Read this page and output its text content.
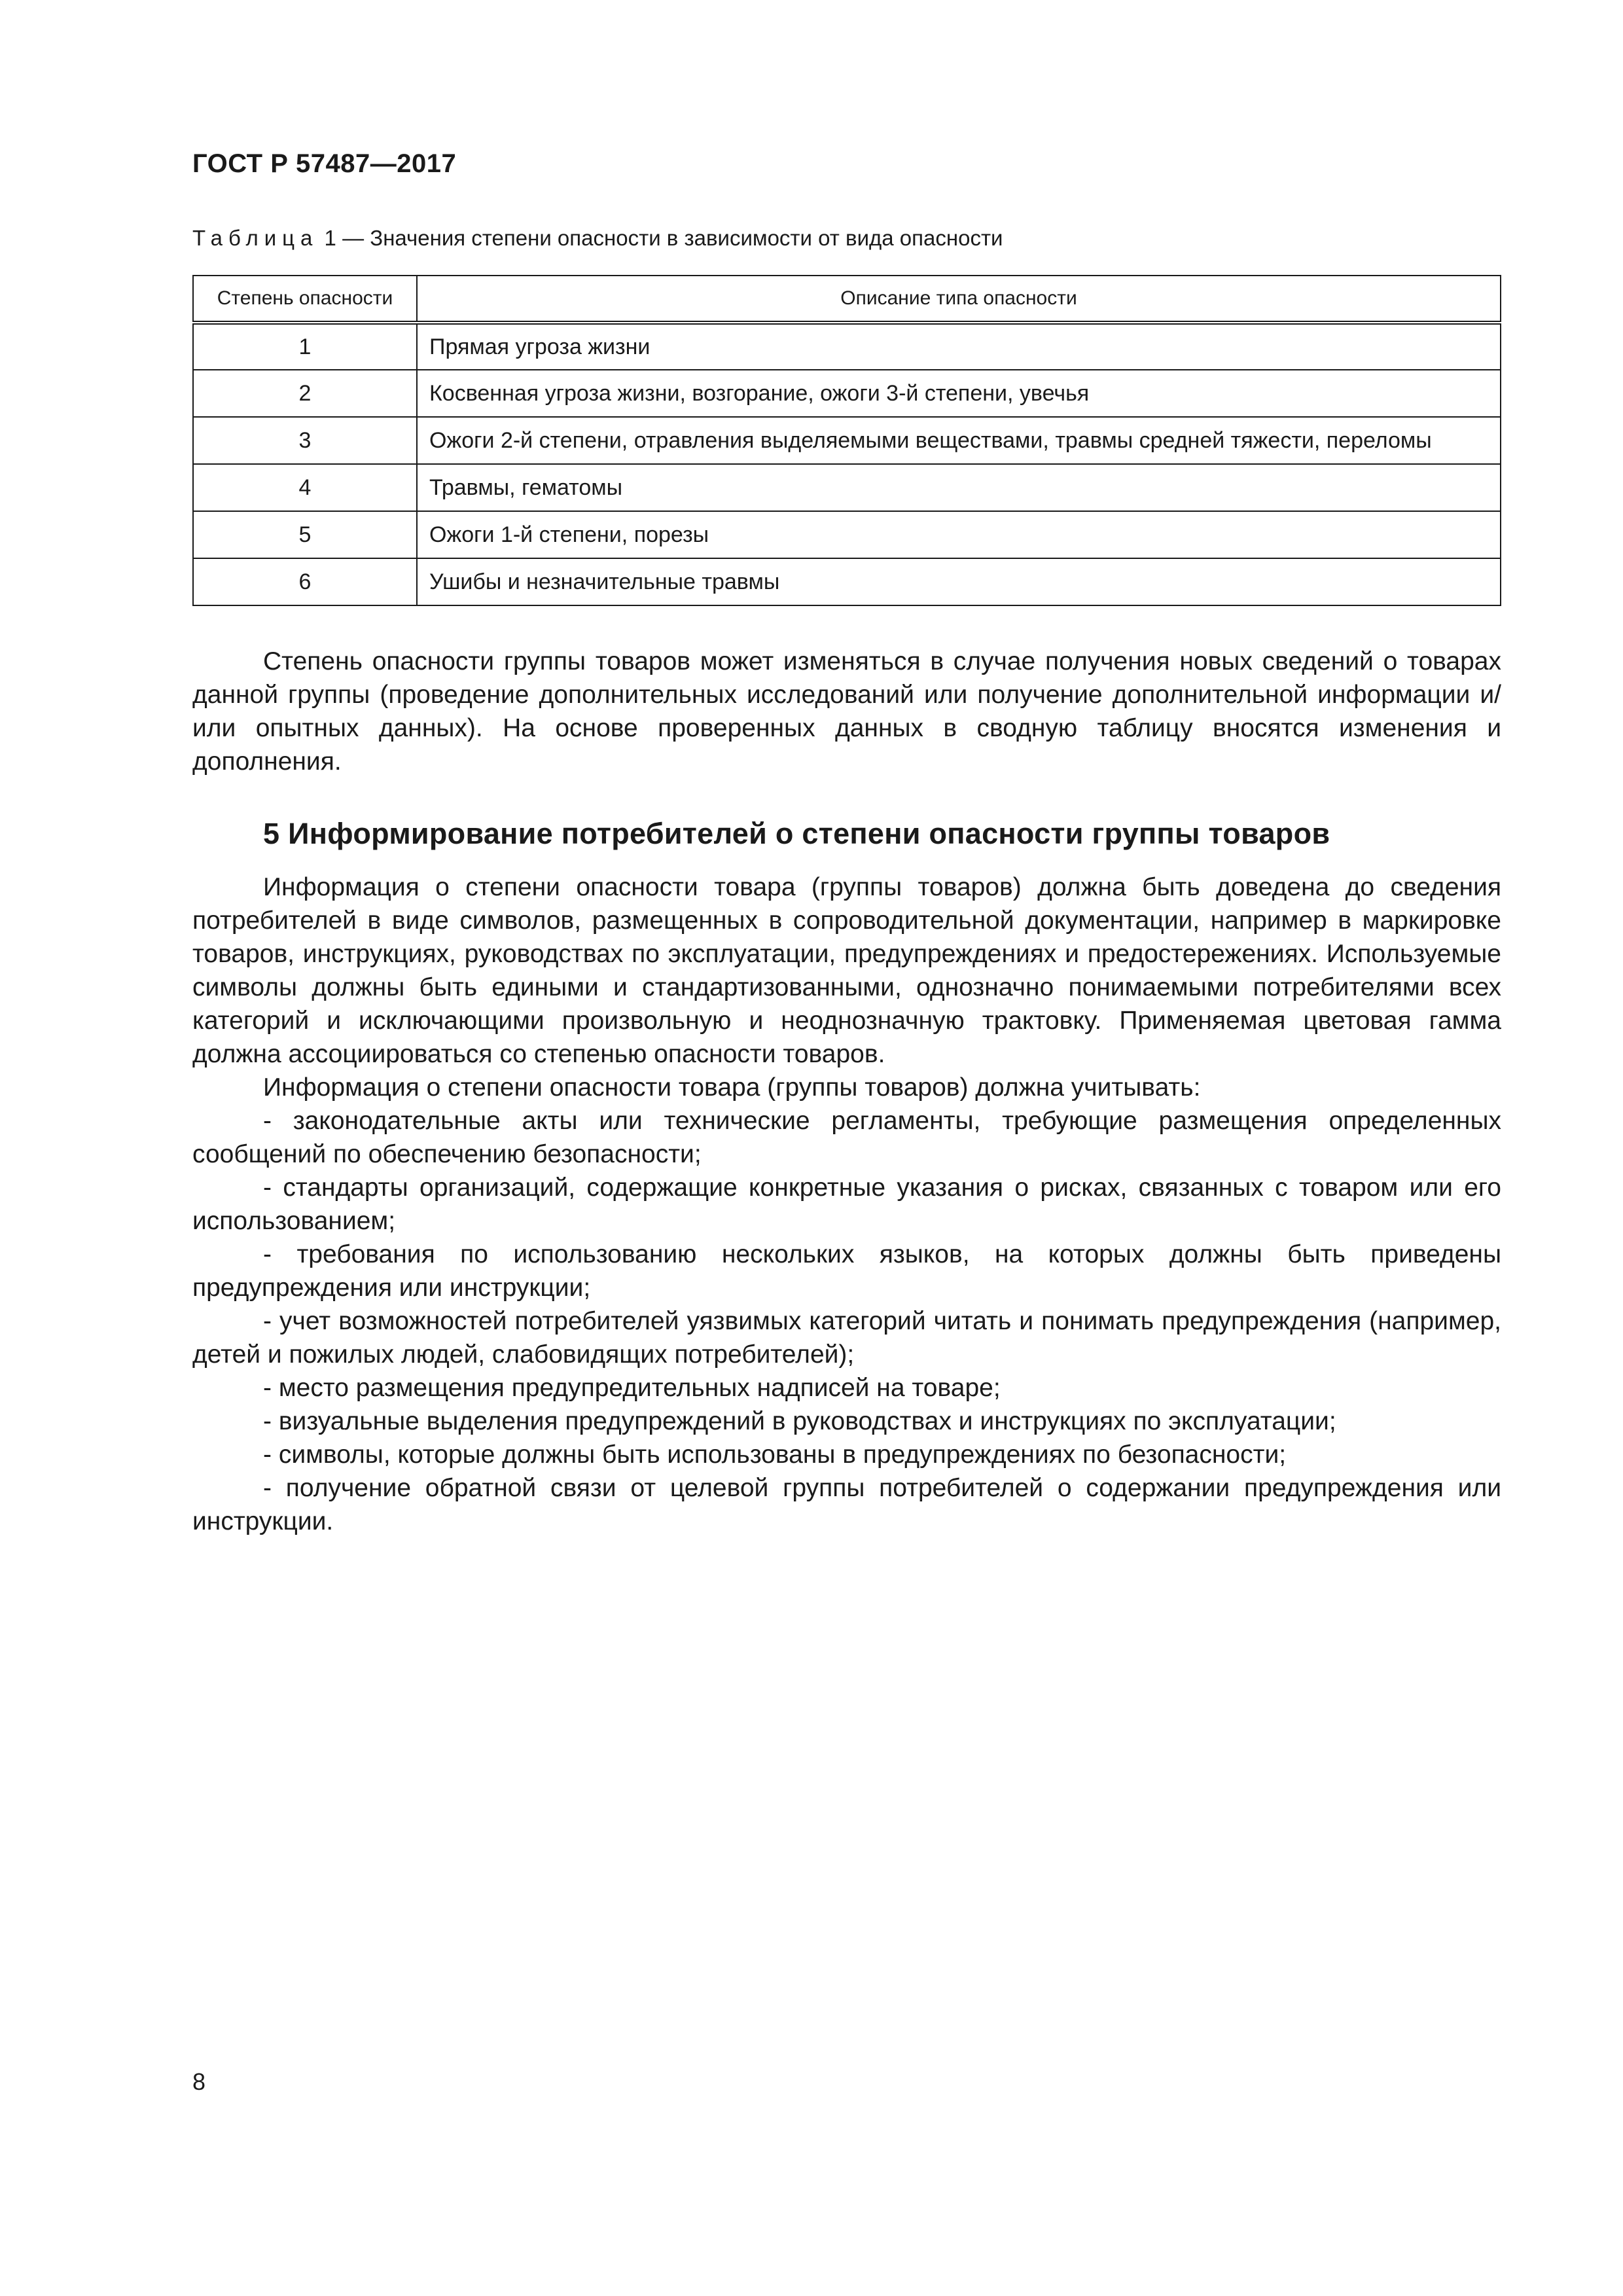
ГОСТ Р 57487—2017
Таблица 1 — Значения степени опасности в зависимости от вида опасности
Степень опасности	Описание типа опасности
1	Прямая угроза жизни
2	Косвенная угроза жизни, возгорание, ожоги 3-й степени, увечья
3	Ожоги 2-й степени, отравления выделяемыми веществами, травмы средней тяжести, переломы
4	Травмы, гематомы
5	Ожоги 1-й степени, порезы
6	Ушибы и незначительные травмы

Степень опасности группы товаров может изменяться в случае получения новых сведений о товарах данной группы (проведение дополнительных исследований или получение дополнительной информации и/или опытных данных). На основе проверенных данных в сводную таблицу вносятся изменения и дополнения.

5 Информирование потребителей о степени опасности группы товаров

Информация о степени опасности товара (группы товаров) должна быть доведена до сведения потребителей в виде символов, размещенных в сопроводительной документации, например в маркировке товаров, инструкциях, руководствах по эксплуатации, предупреждениях и предостережениях. Используемые символы должны быть едиными и стандартизованными, однозначно понимаемыми потребителями всех категорий и исключающими произвольную и неоднозначную трактовку. Применяемая цветовая гамма должна ассоциироваться со степенью опасности товаров.

Информация о степени опасности товара (группы товаров) должна учитывать:

- законодательные акты или технические регламенты, требующие размещения определенных сообщений по обеспечению безопасности;

- стандарты организаций, содержащие конкретные указания о рисках, связанных с товаром или его использованием;

- требования по использованию нескольких языков, на которых должны быть приведены предупреждения или инструкции;

- учет возможностей потребителей уязвимых категорий читать и понимать предупреждения (например, детей и пожилых людей, слабовидящих потребителей);

- место размещения предупредительных надписей на товаре;

- визуальные выделения предупреждений в руководствах и инструкциях по эксплуатации;

- символы, которые должны быть использованы в предупреждениях по безопасности;

- получение обратной связи от целевой группы потребителей о содержании предупреждения или инструкции.

8
